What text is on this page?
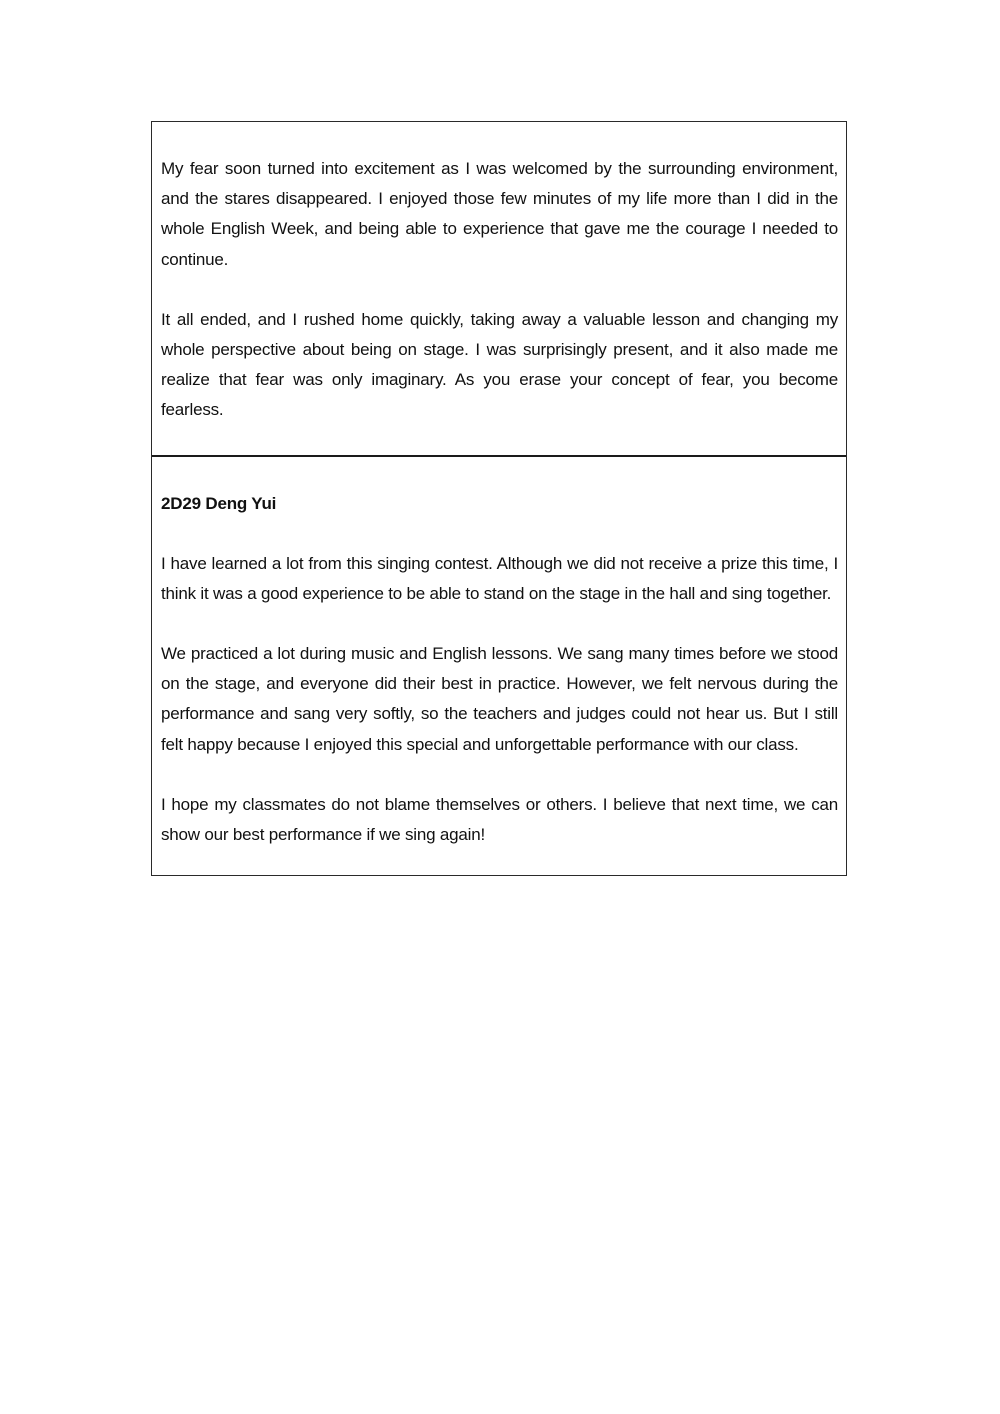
My fear soon turned into excitement as I was welcomed by the surrounding environment, and the stares disappeared. I enjoyed those few minutes of my life more than I did in the whole English Week, and being able to experience that gave me the courage I needed to continue.

It all ended, and I rushed home quickly, taking away a valuable lesson and changing my whole perspective about being on stage. I was surprisingly present, and it also made me realize that fear was only imaginary. As you erase your concept of fear, you become fearless.

2D29 Deng Yui

I have learned a lot from this singing contest. Although we did not receive a prize this time, I think it was a good experience to be able to stand on the stage in the hall and sing together.

We practiced a lot during music and English lessons. We sang many times before we stood on the stage, and everyone did their best in practice. However, we felt nervous during the performance and sang very softly, so the teachers and judges could not hear us. But I still felt happy because I enjoyed this special and unforgettable performance with our class.

I hope my classmates do not blame themselves or others. I believe that next time, we can show our best performance if we sing again!
